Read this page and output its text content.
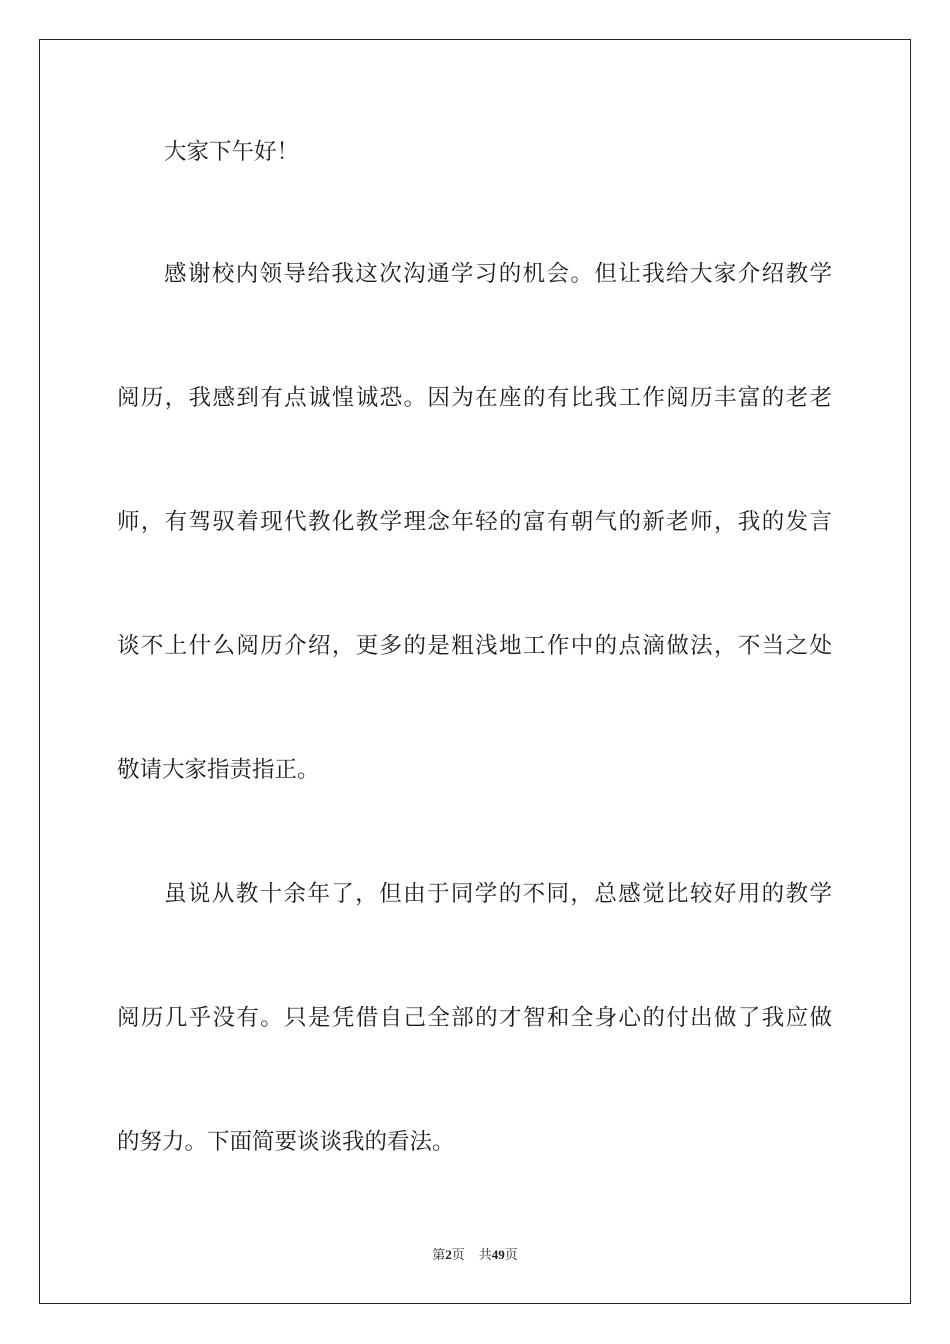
大家下午好！
感谢校内领导给我这次沟通学习的机会。但让我给大家介绍教学
阅历，我感到有点诚惶诚恐。因为在座的有比我工作阅历丰富的老老
师，有驾驭着现代教化教学理念年轻的富有朝气的新老师，我的发言
谈不上什么阅历介绍，更多的是粗浅地工作中的点滴做法，不当之处
敬请大家指责指正。
虽说从教十余年了，但由于同学的不同，总感觉比较好用的教学
阅历几乎没有。只是凭借自己全部的才智和全身心的付出做了我应做
的努力。下面简要谈谈我的看法。
第2页 共49页
